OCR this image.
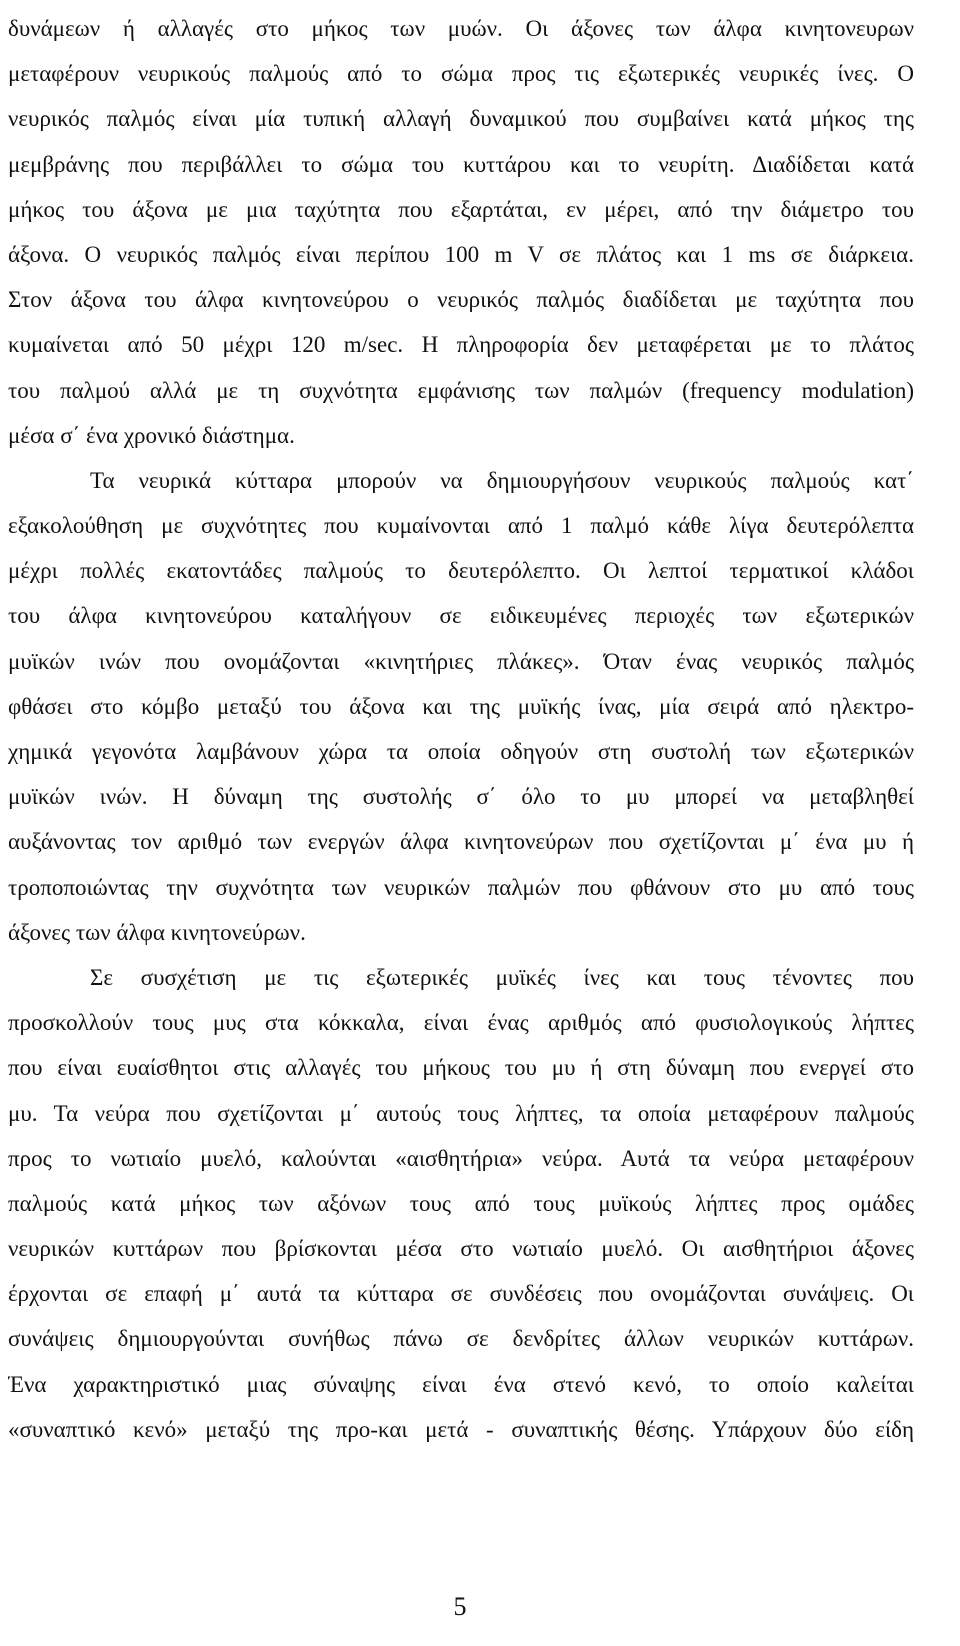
δυνάμεων ή αλλαγές στο μήκος των μυών. Οι άξονες των άλφα κινητονευρων
μεταφέρουν νευρικούς παλμούς από το σώμα προς τις εξωτερικές νευρικές ίνες. Ο
νευρικός παλμός είναι μία τυπική αλλαγή δυναμικού που συμβαίνει κατά μήκος της
μεμβράνης που περιβάλλει το σώμα του κυττάρου και το νευρίτη. Διαδίδεται κατά
μήκος του άξονα με μια ταχύτητα που εξαρτάται, εν μέρει, από την διάμετρο του
άξονα. Ο νευρικός παλμός είναι περίπου 100 m V σε πλάτος και 1 ms σε διάρκεια.
Στον άξονα του άλφα κινητονεύρου ο νευρικός παλμός διαδίδεται με ταχύτητα που
κυμαίνεται από 50 μέχρι 120 m/sec. Η πληροφορία δεν μεταφέρεται με το πλάτος
του παλμού αλλά με τη συχνότητα εμφάνισης των παλμών (frequency modulation)
μέσα σ΄ ένα χρονικό διάστημα.
Τα νευρικά κύτταρα μπορούν να δημιουργήσουν νευρικούς παλμούς κατ΄
εξακολούθηση με συχνότητες που κυμαίνονται από 1 παλμό κάθε λίγα δευτερόλεπτα
μέχρι πολλές εκατοντάδες παλμούς το δευτερόλεπτο. Οι λεπτοί τερματικοί κλάδοι
του άλφα κινητονεύρου καταλήγουν σε ειδικευμένες περιοχές των εξωτερικών
μυϊκών ινών που ονομάζονται «κινητήριες πλάκες». Όταν ένας νευρικός παλμός
φθάσει στο κόμβο μεταξύ του άξονα και της μυϊκής ίνας, μία σειρά από ηλεκτρο-
χημικά γεγονότα λαμβάνουν χώρα τα οποία οδηγούν στη συστολή των εξωτερικών
μυϊκών ινών. Η δύναμη της συστολής σ΄ όλο το μυ μπορεί να μεταβληθεί
αυξάνοντας τον αριθμό των ενεργών άλφα κινητονεύρων που σχετίζονται μ΄ ένα μυ ή
τροποποιώντας την συχνότητα των νευρικών παλμών που φθάνουν στο μυ από τους
άξονες των άλφα κινητονεύρων.
Σε συσχέτιση με τις εξωτερικές μυϊκές ίνες και τους τένοντες που
προσκολλούν τους μυς στα κόκκαλα, είναι ένας αριθμός από φυσιολογικούς λήπτες
που είναι ευαίσθητοι στις αλλαγές του μήκους του μυ ή στη δύναμη που ενεργεί στο
μυ. Τα νεύρα που σχετίζονται μ΄ αυτούς τους λήπτες, τα οποία μεταφέρουν παλμούς
προς το νωτιαίο μυελό, καλούνται «αισθητήρια» νεύρα. Αυτά τα νεύρα μεταφέρουν
παλμούς κατά μήκος των αξόνων τους από τους μυϊκούς λήπτες προς ομάδες
νευρικών κυττάρων που βρίσκονται μέσα στο νωτιαίο μυελό. Οι αισθητήριοι άξονες
έρχονται σε επαφή μ΄ αυτά τα κύτταρα σε συνδέσεις που ονομάζονται συνάψεις. Οι
συνάψεις δημιουργούνται συνήθως πάνω σε δενδρίτες άλλων νευρικών κυττάρων.
Ένα χαρακτηριστικό μιας σύναψης είναι ένα στενό κενό, το οποίο καλείται
«συναπτικό κενό» μεταξύ της προ-και μετά - συναπτικής θέσης. Υπάρχουν δύο είδη
5
